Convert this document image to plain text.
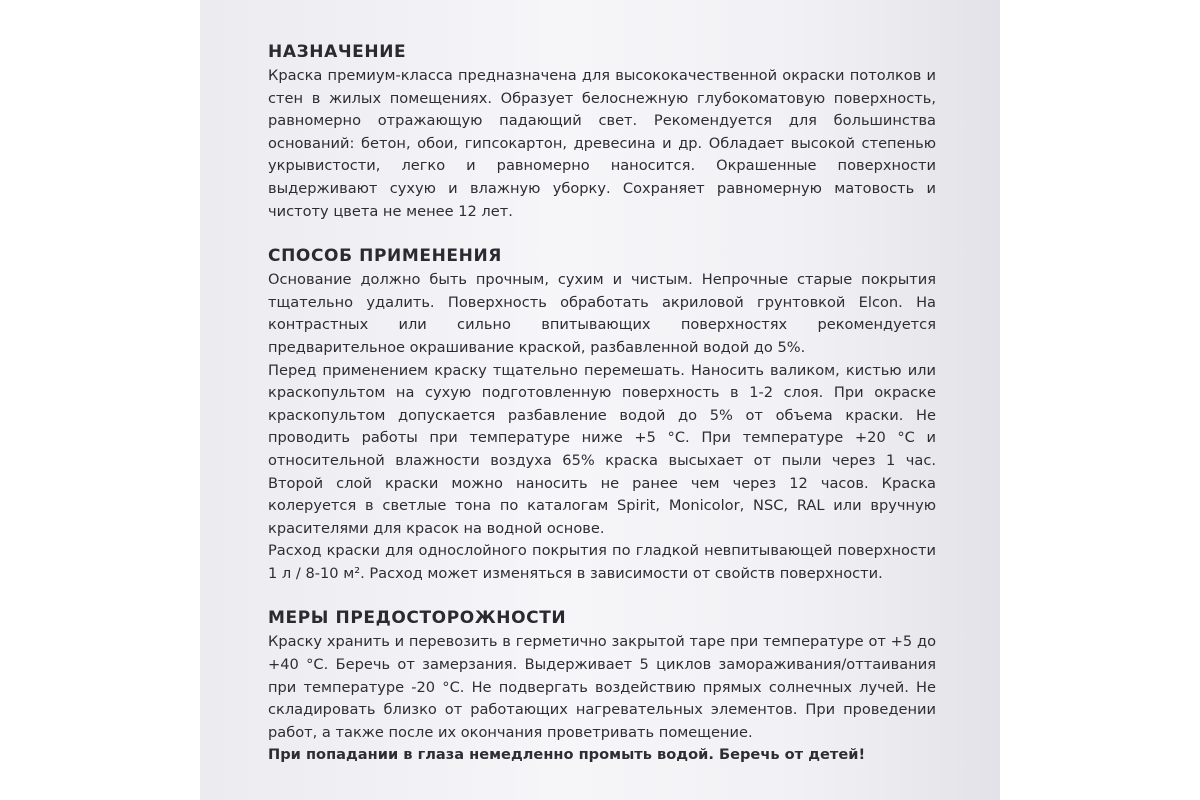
НАЗНАЧЕНИЕ

Краска премиум-класса предназначена для высококачественной окраски потолков и стен в жилых помещениях. Образует белоснежную глубокоматовую поверхность, равномерно отражающую падающий свет. Рекомендуется для большинства оснований: бетон, обои, гипсокартон, древесина и др. Обладает высокой степенью укрывистости, легко и равномерно наносится. Окрашенные поверхности выдерживают сухую и влажную уборку. Сохраняет равномерную матовость и чистоту цвета не менее 12 лет.

СПОСОБ ПРИМЕНЕНИЯ

Основание должно быть прочным, сухим и чистым. Непрочные старые покрытия тщательно удалить. Поверхность обработать акриловой грунтовкой Elcon. На контрастных или сильно впитывающих поверхностях рекомендуется предварительное окрашивание краской, разбавленной водой до 5%.

Перед применением краску тщательно перемешать. Наносить валиком, кистью или краскопультом на сухую подготовленную поверхность в 1-2 слоя. При окраске краскопультом допускается разбавление водой до 5% от объема краски. Не проводить работы при температуре ниже +5 °С. При температуре +20 °С и относительной влажности воздуха 65% краска высыхает от пыли через 1 час. Второй слой краски можно наносить не ранее чем через 12 часов. Краска колеруется в светлые тона по каталогам Spirit, Monicolor, NSC, RAL или вручную красителями для красок на водной основе.

Расход краски для однослойного покрытия по гладкой невпитывающей поверхности 1 л / 8-10 м². Расход может изменяться в зависимости от свойств поверхности.

МЕРЫ ПРЕДОСТОРОЖНОСТИ

Краску хранить и перевозить в герметично закрытой таре при температуре от +5 до +40 °С. Беречь от замерзания. Выдерживает 5 циклов замораживания/оттаивания при температуре -20 °С. Не подвергать воздействию прямых солнечных лучей. Не складировать близко от работающих нагревательных элементов. При проведении работ, а также после их окончания проветривать помещение.

При попадании в глаза немедленно промыть водой. Беречь от детей!
